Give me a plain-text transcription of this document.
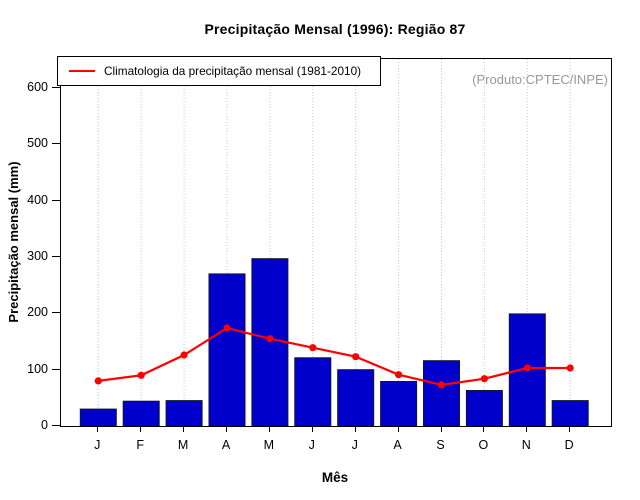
Precipitação Mensal (1996): Região 87
Climatologia da precipitação mensal (1981-2010)
(Produto:CPTEC/INPE)
Precipitação mensal (mm)
Mês
0
100
200
300
400
500
600
J	F	M	A	M	J	J	A	S	O	N	D
